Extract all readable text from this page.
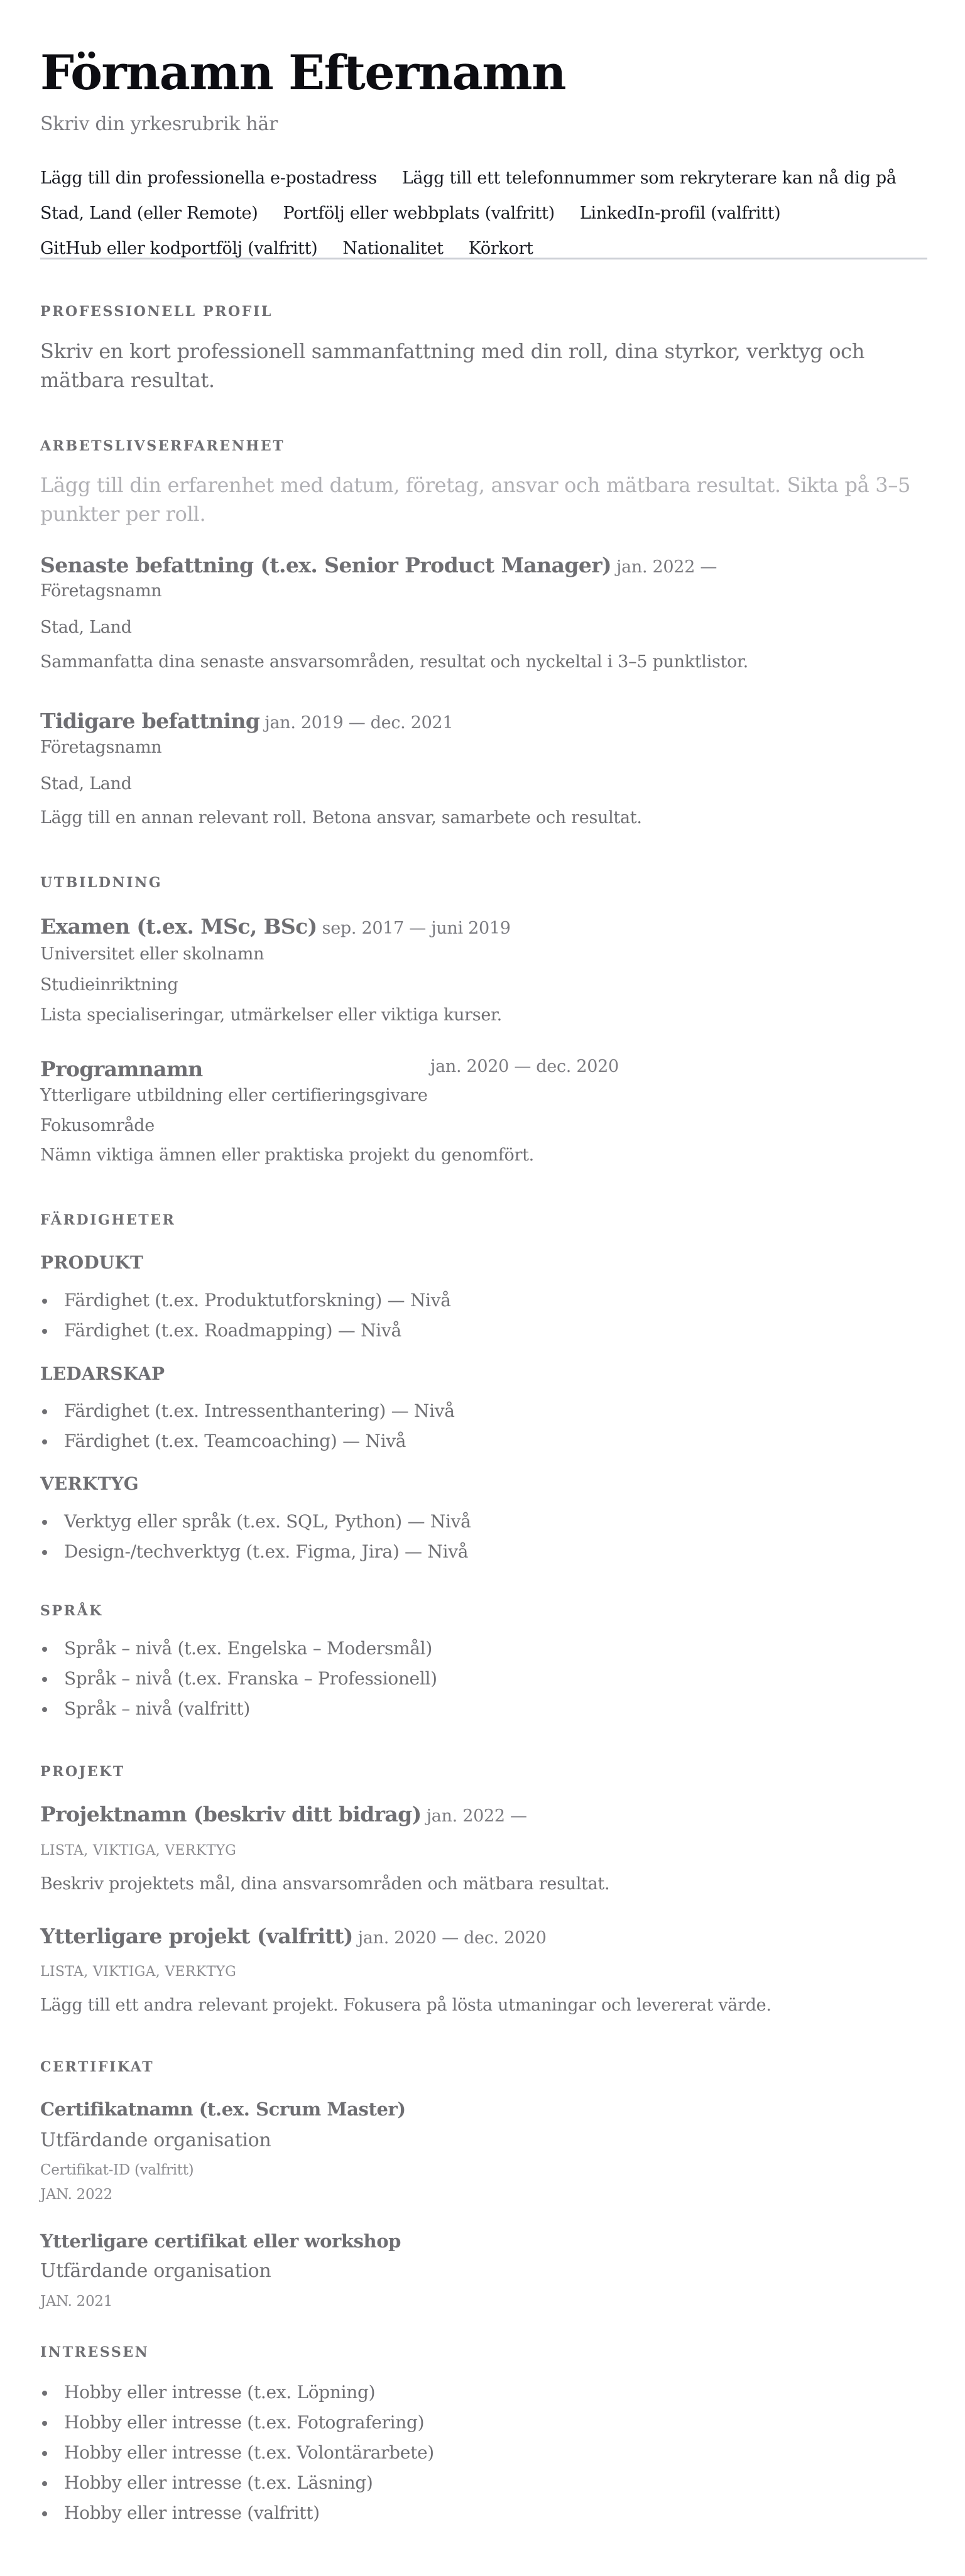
Förnamn Efternamn
Skriv din yrkesrubrik här
Lägg till din professionella e-postadress Lägg till ett telefonnummer som rekryterare kan nå dig på
Stad, Land (eller Remote) Portfölj eller webbplats (valfritt) LinkedIn-profil (valfritt)
GitHub eller kodportfölj (valfritt) Nationalitet Körkort
PROFESSIONELL PROFIL
Skriv en kort professionell sammanfattning med din roll, dina styrkor, verktyg och mätbara resultat.
ARBETSLIVSERFARENHET
Lägg till din erfarenhet med datum, företag, ansvar och mätbara resultat. Sikta på 3–5 punkter per roll.
Senaste befattning (t.ex. Senior Product Manager) jan. 2022 —
Företagsnamn
Stad, Land
Sammanfatta dina senaste ansvarsområden, resultat och nyckeltal i 3–5 punktlistor.
Tidigare befattning jan. 2019 — dec. 2021
Företagsnamn
Stad, Land
Lägg till en annan relevant roll. Betona ansvar, samarbete och resultat.
UTBILDNING
Examen (t.ex. MSc, BSc) sep. 2017 — juni 2019
Universitet eller skolnamn
Studieinriktning
Lista specialiseringar, utmärkelser eller viktiga kurser.
Programnamn	jan. 2020 — dec. 2020
Ytterligare utbildning eller certifieringsgivare
Fokusområde
Nämn viktiga ämnen eller praktiska projekt du genomfört.
FÄRDIGHETER
PRODUKT
Färdighet (t.ex. Produktutforskning) — Nivå
Färdighet (t.ex. Roadmapping) — Nivå
LEDARSKAP
Färdighet (t.ex. Intressenthantering) — Nivå
Färdighet (t.ex. Teamcoaching) — Nivå
VERKTYG
Verktyg eller språk (t.ex. SQL, Python) — Nivå
Design-/techverktyg (t.ex. Figma, Jira) — Nivå
SPRÅK
Språk – nivå (t.ex. Engelska – Modersmål)
Språk – nivå (t.ex. Franska – Professionell)
Språk – nivå (valfritt)
PROJEKT
Projektnamn (beskriv ditt bidrag) jan. 2022 —
LISTA, VIKTIGA, VERKTYG
Beskriv projektets mål, dina ansvarsområden och mätbara resultat.
Ytterligare projekt (valfritt) jan. 2020 — dec. 2020
LISTA, VIKTIGA, VERKTYG
Lägg till ett andra relevant projekt. Fokusera på lösta utmaningar och levererat värde.
CERTIFIKAT
Certifikatnamn (t.ex. Scrum Master)
Utfärdande organisation
Certifikat-ID (valfritt)
JAN. 2022
Ytterligare certifikat eller workshop
Utfärdande organisation
JAN. 2021
INTRESSEN
Hobby eller intresse (t.ex. Löpning)
Hobby eller intresse (t.ex. Fotografering)
Hobby eller intresse (t.ex. Volontärarbete)
Hobby eller intresse (t.ex. Läsning)
Hobby eller intresse (valfritt)
